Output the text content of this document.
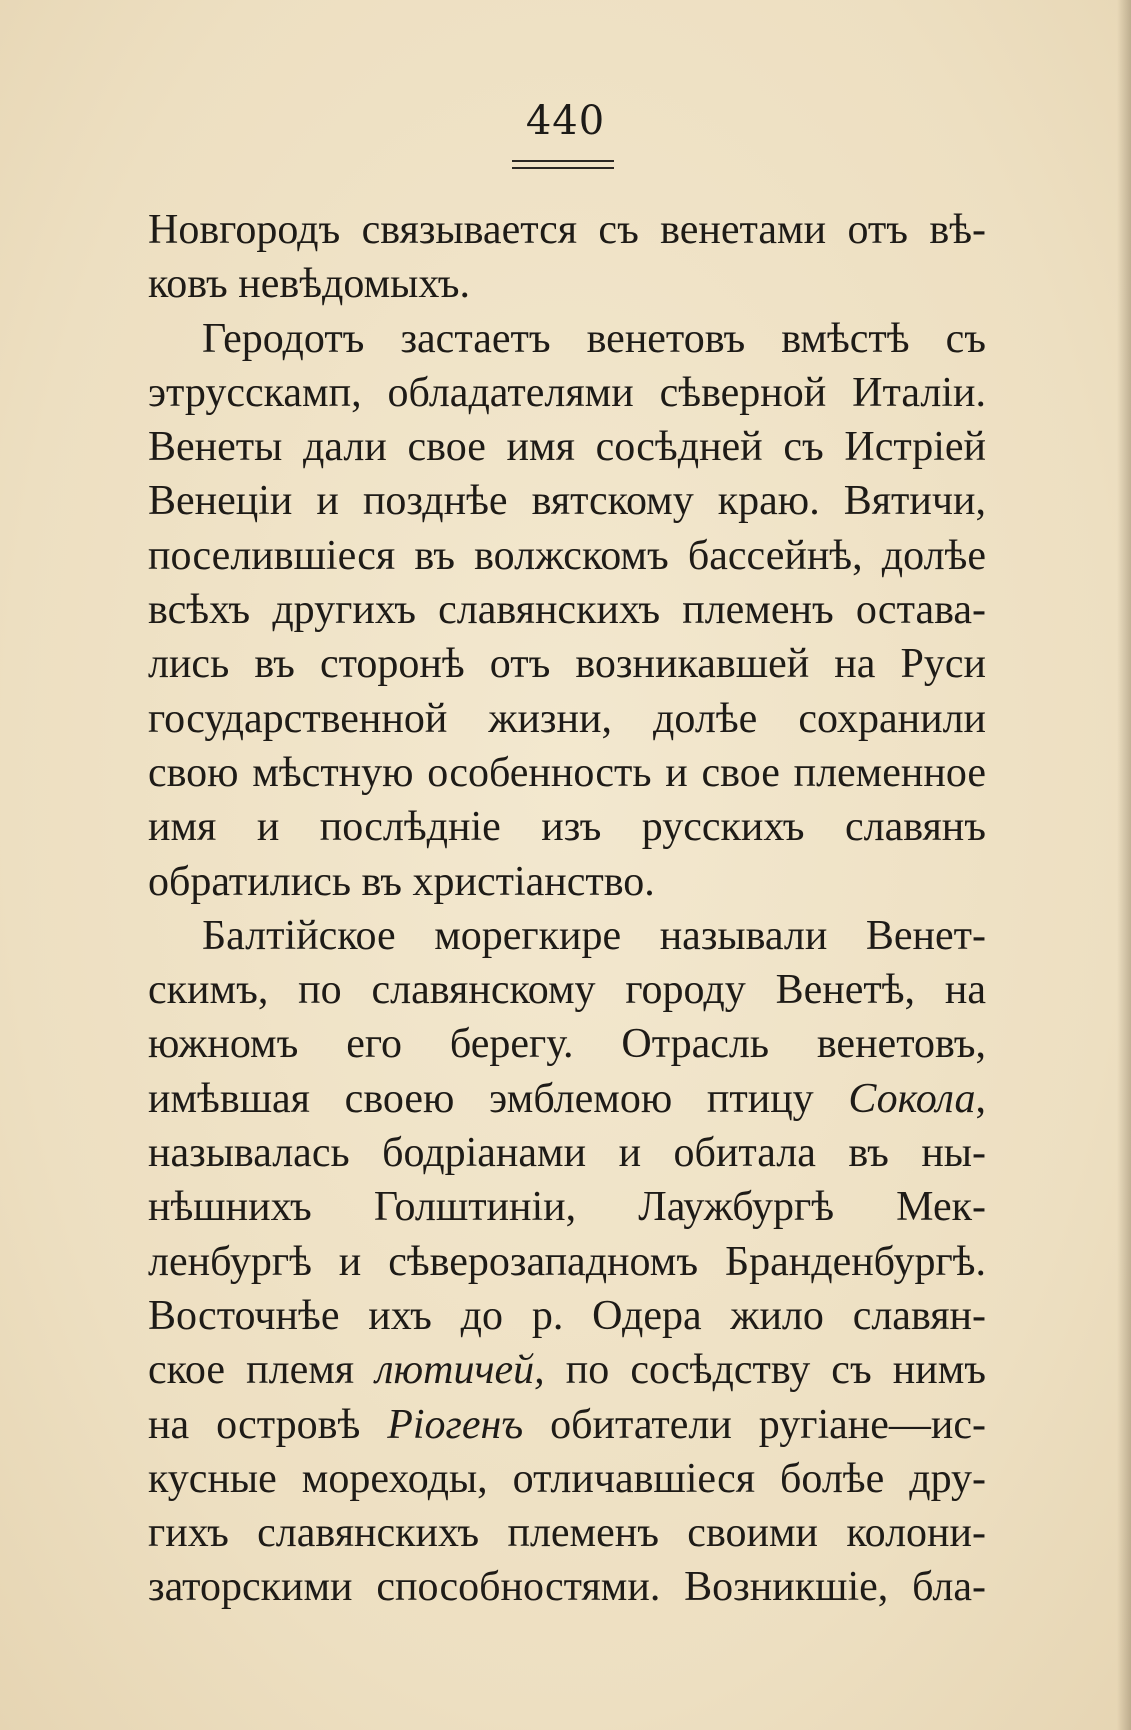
440
Новгородъ связывается съ венетами отъ вѣ-
ковъ невѣдомыхъ.
Геродотъ застаетъ венетовъ вмѣстѣ съ
этрусскамп, обладателями сѣверной Италіи.
Венеты дали свое имя сосѣдней съ Истріей
Венеціи и позднѣе вятскому краю. Вятичи,
поселившіеся въ волжскомъ бассейнѣ, долѣе
всѣхъ другихъ славянскихъ племенъ остава-
лись въ сторонѣ отъ возникавшей на Руси
государственной жизни, долѣе сохранили
свою мѣстную особенность и свое племенное
имя и послѣдніе изъ русскихъ славянъ
обратились въ христіанство.
Балтійское морегкире называли Венет-
скимъ, по славянскому городу Венетѣ, на
южномъ его берегу. Отрасль венетовъ,
имѣвшая своею эмблемою птицу Сокола,
называлась бодріанами и обитала въ ны-
нѣшнихъ Голштиніи, Лаужбургѣ Мек-
ленбургѣ и сѣверозападномъ Бранденбургѣ.
Восточнѣе ихъ до р. Одера жило славян-
ское племя лютичей, по сосѣдству съ нимъ
на островѣ Ріогенъ обитатели ругіане—ис-
кусные мореходы, отличавшіеся болѣе дру-
гихъ славянскихъ племенъ своими колони-
заторскими способностями. Возникшіе, бла-
